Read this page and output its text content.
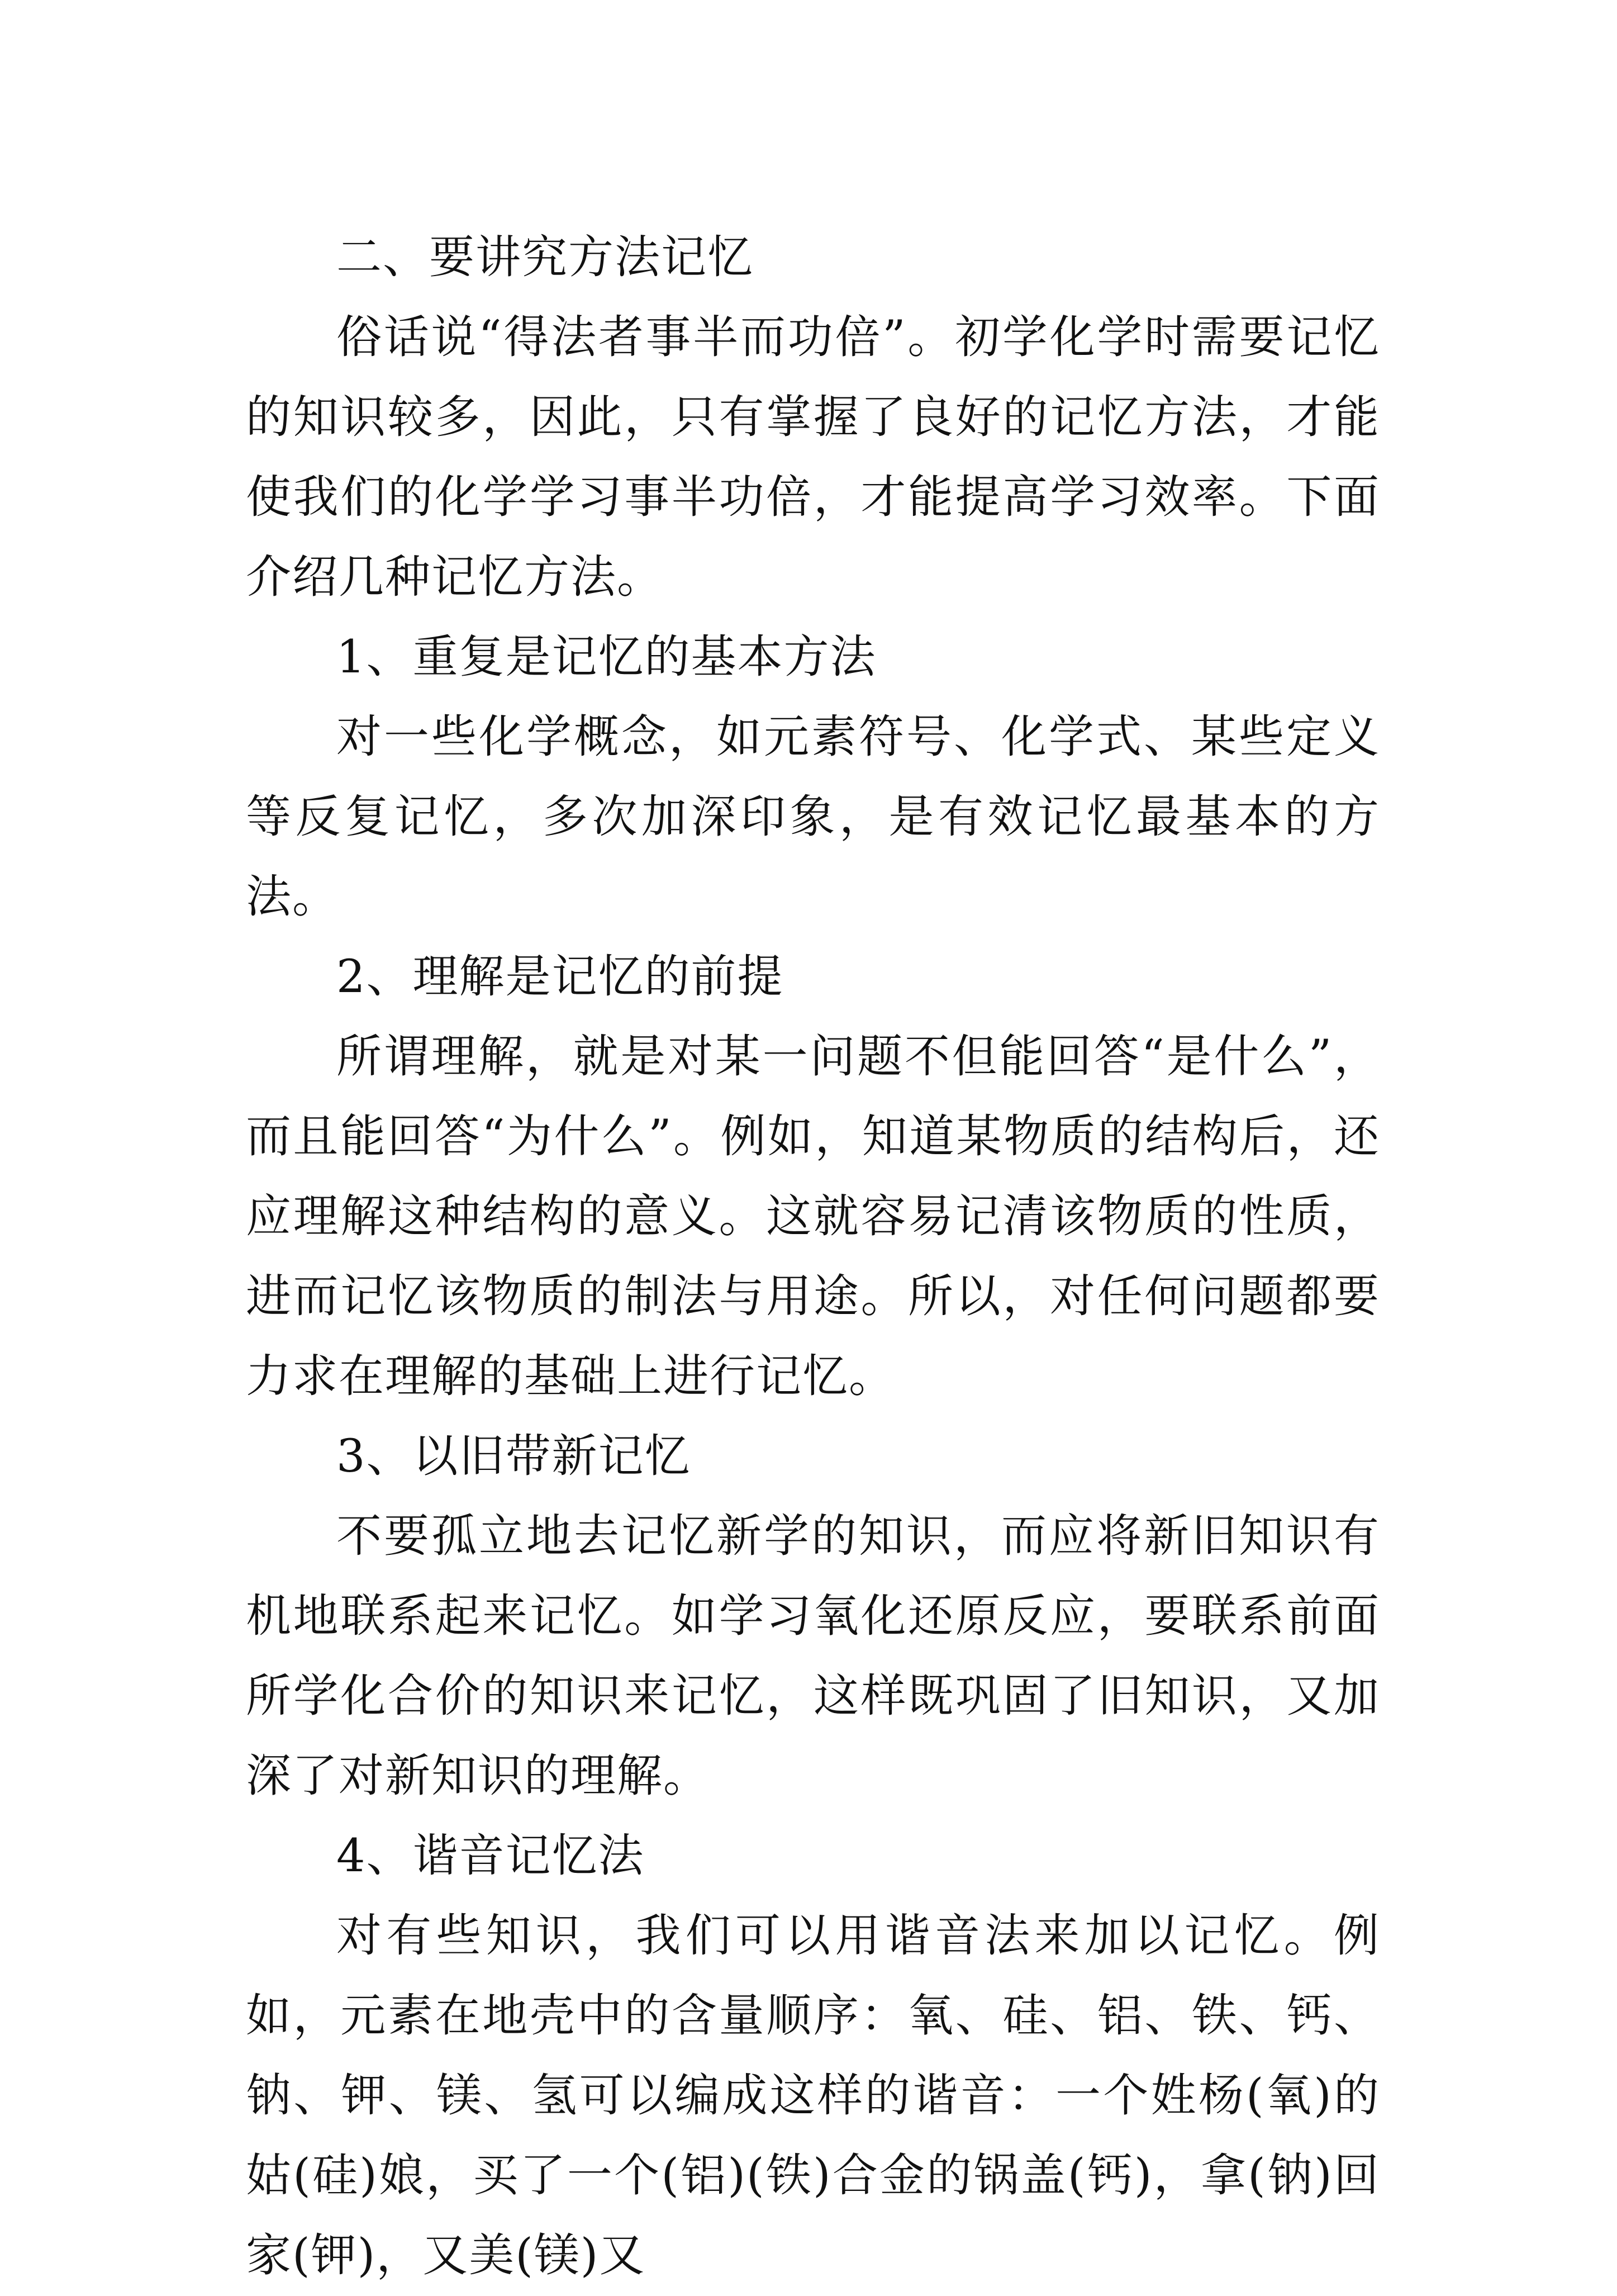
二、要讲究方法记忆

俗话说“得法者事半而功倍”。初学化学时需要记忆的知识较多，因此，只有掌握了良好的记忆方法，才能使我们的化学学习事半功倍，才能提高学习效率。下面介绍几种记忆方法。

1、重复是记忆的基本方法

对一些化学概念，如元素符号、化学式、某些定义等反复记忆，多次加深印象，是有效记忆最基本的方法。

2、理解是记忆的前提

所谓理解，就是对某一问题不但能回答“是什么”，而且能回答“为什么”。例如，知道某物质的结构后，还应理解这种结构的意义。这就容易记清该物质的性质，进而记忆该物质的制法与用途。所以，对任何问题都要力求在理解的基础上进行记忆。

3、以旧带新记忆

不要孤立地去记忆新学的知识，而应将新旧知识有机地联系起来记忆。如学习氧化还原反应，要联系前面所学化合价的知识来记忆，这样既巩固了旧知识，又加深了对新知识的理解。

4、谐音记忆法

对有些知识，我们可以用谐音法来加以记忆。例如，元素在地壳中的含量顺序：氧、硅、铝、铁、钙、钠、钾、镁、氢可以编成这样的谐音：一个姓杨(氧)的姑(硅)娘，买了一个(铝)(铁)合金的锅盖(钙)，拿(钠)回家(钾)，又美(镁)又
